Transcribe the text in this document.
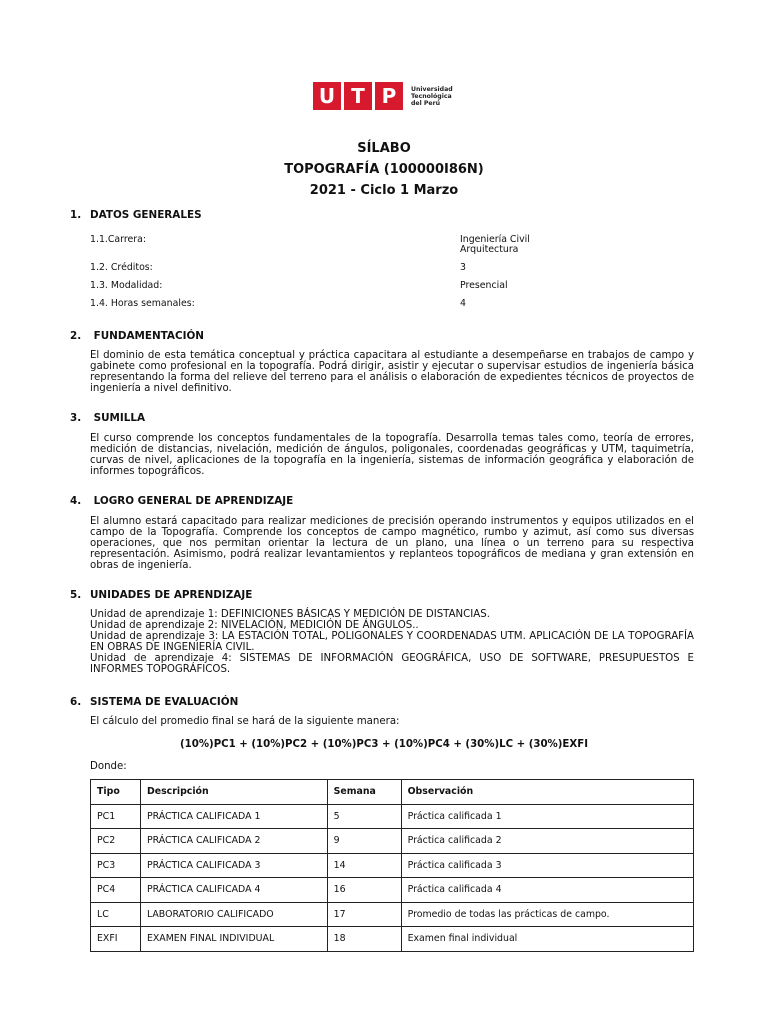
U T P	Universidad
Tecnológica
del Perú
SÍLABO
TOPOGRAFÍA (100000I86N)
2021 - Ciclo 1 Marzo
1. DATOS GENERALES
1.1.Carrera:	Ingeniería Civil
Arquitectura
1.2. Créditos:	3
1.3. Modalidad:	Presencial
1.4. Horas semanales:	4
2. FUNDAMENTACIÓN

El dominio de esta temática conceptual y práctica capacitara al estudiante a desempeñarse en trabajos de campo y gabinete como profesional en la topografía. Podrá dirigir, asistir y ejecutar o supervisar estudios de ingeniería básica representando la forma del relieve del terreno para el análisis o elaboración de expedientes técnicos de proyectos de ingeniería a nivel definitivo.

3. SUMILLA

El curso comprende los conceptos fundamentales de la topografía. Desarrolla temas tales como, teoría de errores, medición de distancias, nivelación, medición de ángulos, poligonales, coordenadas geográficas y UTM, taquimetría, curvas de nivel, aplicaciones de la topografía en la ingeniería, sistemas de información geográfica y elaboración de informes topográficos.

4. LOGRO GENERAL DE APRENDIZAJE

El alumno estará capacitado para realizar mediciones de precisión operando instrumentos y equipos utilizados en el campo de la Topografía. Comprende los conceptos de campo magnético, rumbo y azimut, así como sus diversas operaciones, que nos permitan orientar la lectura de un plano, una línea o un terreno para su respectiva representación. Asimismo, podrá realizar levantamientos y replanteos topográficos de mediana y gran extensión en obras de ingeniería.

5. UNIDADES DE APRENDIZAJE
Unidad de aprendizaje 1: DEFINICIONES BÁSICAS Y MEDICIÓN DE DISTANCIAS.
Unidad de aprendizaje 2: NIVELACIÓN, MEDICIÓN DE ÁNGULOS..
Unidad de aprendizaje 3: LA ESTACIÓN TOTAL, POLIGONALES Y COORDENADAS UTM. APLICACIÓN DE LA TOPOGRAFÍA EN OBRAS DE INGENIERÍA CIVIL.
Unidad de aprendizaje 4: SISTEMAS DE INFORMACIÓN GEOGRÁFICA, USO DE SOFTWARE, PRESUPUESTOS E INFORMES TOPOGRÁFICOS.
6. SISTEMA DE EVALUACIÓN

El cálculo del promedio final se hará de la siguiente manera:

(10%)PC1 + (10%)PC2 + (10%)PC3 + (10%)PC4 + (30%)LC + (30%)EXFI
Donde:
Tipo	Descripción	Semana	Observación
PC1	PRÁCTICA CALIFICADA 1	5	Práctica calificada 1
PC2	PRÁCTICA CALIFICADA 2	9	Práctica calificada 2
PC3	PRÁCTICA CALIFICADA 3	14	Práctica calificada 3
PC4	PRÁCTICA CALIFICADA 4	16	Práctica calificada 4
LC	LABORATORIO CALIFICADO	17	Promedio de todas las prácticas de campo.
EXFI	EXAMEN FINAL INDIVIDUAL	18	Examen final individual
